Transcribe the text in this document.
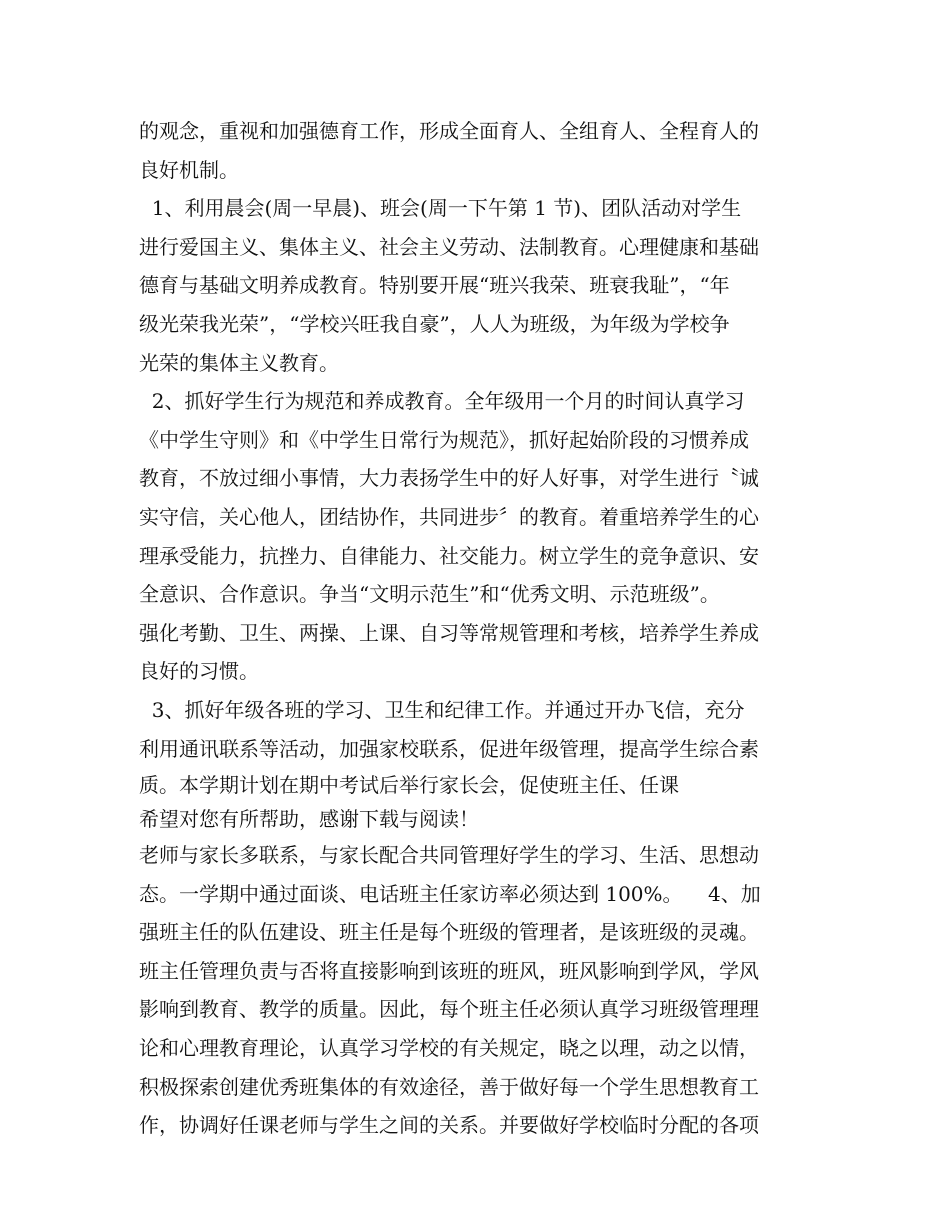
的观念，重视和加强德育工作，形成全面育人、全组育人、全程育人的
良好机制。
1、利用晨会(周一早晨)、班会(周一下午第 1 节)、团队活动对学生
进行爱国主义、集体主义、社会主义劳动、法制教育。心理健康和基础
德育与基础文明养成教育。特别要开展“班兴我荣、班衰我耻”，“年
级光荣我光荣”，“学校兴旺我自豪”，人人为班级，为年级为学校争
光荣的集体主义教育。
2、抓好学生行为规范和养成教育。全年级用一个月的时间认真学习
《中学生守则》和《中学生日常行为规范》，抓好起始阶段的习惯养成
教育，不放过细小事情，大力表扬学生中的好人好事，对学生进行〝诚
实守信，关心他人，团结协作，共同进步〞的教育。着重培养学生的心
理承受能力，抗挫力、自律能力、社交能力。树立学生的竞争意识、安
全意识、合作意识。争当“文明示范生”和“优秀文明、示范班级”。
强化考勤、卫生、两操、上课、自习等常规管理和考核，培养学生养成
良好的习惯。
3、抓好年级各班的学习、卫生和纪律工作。并通过开办飞信，充分
利用通讯联系等活动，加强家校联系，促进年级管理，提高学生综合素
质。本学期计划在期中考试后举行家长会，促使班主任、任课
希望对您有所帮助，感谢下载与阅读！
老师与家长多联系，与家长配合共同管理好学生的学习、生活、思想动
态。一学期中通过面谈、电话班主任家访率必须达到 100%。    4、加
强班主任的队伍建设、班主任是每个班级的管理者，是该班级的灵魂。
班主任管理负责与否将直接影响到该班的班风，班风影响到学风，学风
影响到教育、教学的质量。因此，每个班主任必须认真学习班级管理理
论和心理教育理论，认真学习学校的有关规定，晓之以理，动之以情，
积极探索创建优秀班集体的有效途径，善于做好每一个学生思想教育工
作，协调好任课老师与学生之间的关系。并要做好学校临时分配的各项
